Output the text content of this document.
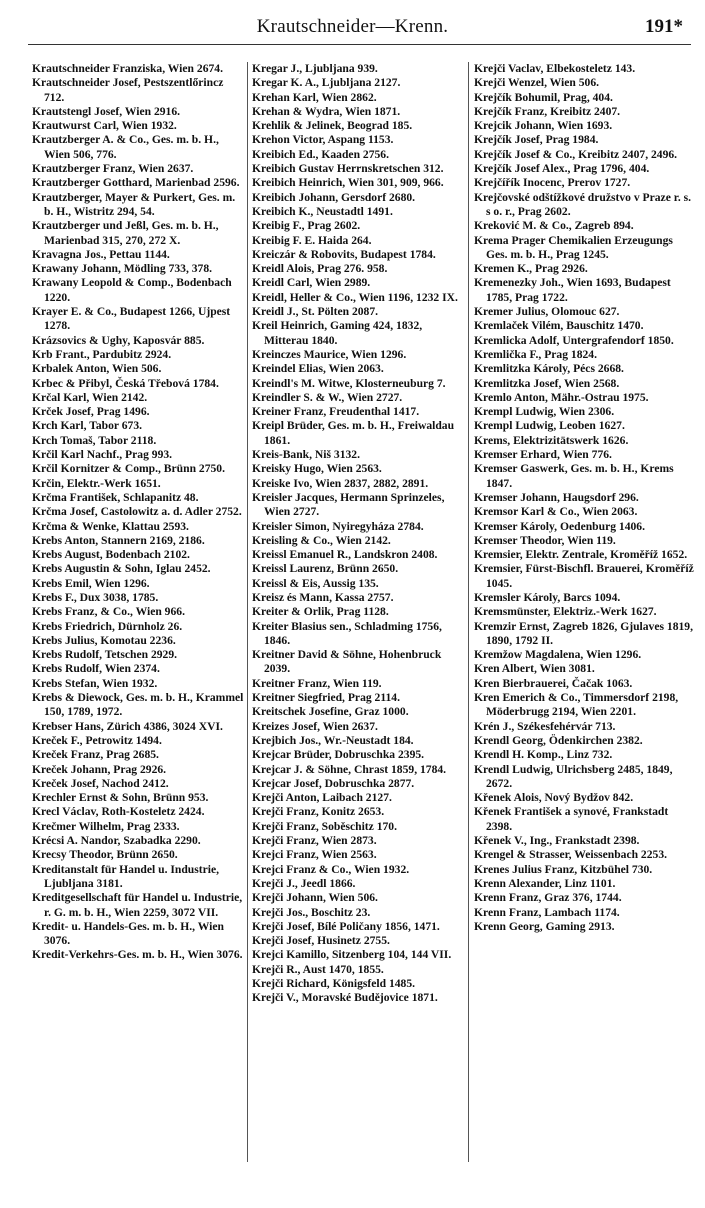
Krautschneider—Krenn.	191*

Krautschneider Franziska, Wien 2674.

Krautschneider Josef, Pestszentlőrincz 712.

Krautstengl Josef, Wien 2916.

Krautwurst Carl, Wien 1932.

Krautzberger A. & Co., Ges. m. b. H., Wien 506, 776.

Krautzberger Franz, Wien 2637.

Krautzberger Gotthard, Marienbad 2596.

Krautzberger, Mayer & Purkert, Ges. m. b. H., Wistritz 294, 54.

Krautzberger und Jeßl, Ges. m. b. H., Marienbad 315, 270, 272 X.

Kravagna Jos., Pettau 1144.

Krawany Johann, Mödling 733, 378.

Krawany Leopold & Comp., Bodenbach 1220.

Krayer E. & Co., Budapest 1266, Ujpest 1278.

Krázsovics & Ughy, Kaposvár 885.

Krb Frant., Pardubitz 2924.

Krbalek Anton, Wien 506.

Krbec & Přibyl, Česká Třebová 1784.

Krčal Karl, Wien 2142.

Krček Josef, Prag 1496.

Krch Karl, Tabor 673.

Krch Tomaš, Tabor 2118.

Krčil Karl Nachf., Prag 993.

Krčil Kornitzer & Comp., Brünn 2750.

Krčin, Elektr.-Werk 1651.

Krčma František, Schlapanitz 48.

Krčma Josef, Castolowitz a. d. Adler 2752.

Krčma & Wenke, Klattau 2593.

Krebs Anton, Stannern 2169, 2186.

Krebs August, Bodenbach 2102.

Krebs Augustin & Sohn, Iglau 2452.

Krebs Emil, Wien 1296.

Krebs F., Dux 3038, 1785.

Krebs Franz, & Co., Wien 966.

Krebs Friedrich, Dürnholz 26.

Krebs Julius, Komotau 2236.

Krebs Rudolf, Tetschen 2929.

Krebs Rudolf, Wien 2374.

Krebs Stefan, Wien 1932.

Krebs & Diewock, Ges. m. b. H., Krammel 150, 1789, 1972.

Krebser Hans, Zürich 4386, 3024 XVI.

Kreček F., Petrowitz 1494.

Kreček Franz, Prag 2685.

Kreček Johann, Prag 2926.

Kreček Josef, Nachod 2412.

Krechler Ernst & Sohn, Brünn 953.

Krecl Václav, Roth-Kosteletz 2424.

Krečmer Wilhelm, Prag 2333.

Krécsi A. Nandor, Szabadka 2290.

Krecsy Theodor, Brünn 2650.

Kreditanstalt für Handel u. Industrie, Ljubljana 3181.

Kreditgesellschaft für Handel u. Industrie, r. G. m. b. H., Wien 2259, 3072 VII.

Kredit- u. Handels-Ges. m. b. H., Wien 3076.

Kredit-Verkehrs-Ges. m. b. H., Wien 3076.

Kregar J., Ljubljana 939.

Kregar K. A., Ljubljana 2127.

Krehan Karl, Wien 2862.

Krehan & Wydra, Wien 1871.

Krehlik & Jelinek, Beograd 185.

Krehon Victor, Aspang 1153.

Kreibich Ed., Kaaden 2756.

Kreibich Gustav Herrnskretschen 312.

Kreibich Heinrich, Wien 301, 909, 966.

Kreibich Johann, Gersdorf 2680.

Kreibich K., Neustadtl 1491.

Kreibig F., Prag 2602.

Kreibig F. E. Haida 264.

Kreiczár & Robovits, Budapest 1784.

Kreidl Alois, Prag 276. 958.

Kreidl Carl, Wien 2989.

Kreidl, Heller & Co., Wien 1196, 1232 IX.

Kreidl J., St. Pölten 2087.

Kreil Heinrich, Gaming 424, 1832, Mitterau 1840.

Kreinczes Maurice, Wien 1296.

Kreindel Elias, Wien 2063.

Kreindl's M. Witwe, Klosterneuburg 7.

Kreindler S. & W., Wien 2727.

Kreiner Franz, Freudenthal 1417.

Kreipl Brüder, Ges. m. b. H., Freiwaldau 1861.

Kreis-Bank, Niš 3132.

Kreisky Hugo, Wien 2563.

Kreiske Ivo, Wien 2837, 2882, 2891.

Kreisler Jacques, Hermann Sprinzeles, Wien 2727.

Kreisler Simon, Nyiregyháza 2784.

Kreisling & Co., Wien 2142.

Kreissl Emanuel R., Landskron 2408.

Kreissl Laurenz, Brünn 2650.

Kreissl & Eis, Aussig 135.

Kreisz és Mann, Kassa 2757.

Kreiter & Orlik, Prag 1128.

Kreiter Blasius sen., Schladming 1756, 1846.

Kreitner David & Söhne, Hohenbruck 2039.

Kreitner Franz, Wien 119.

Kreitner Siegfried, Prag 2114.

Kreitschek Josefine, Graz 1000.

Kreizes Josef, Wien 2637.

Krejbich Jos., Wr.-Neustadt 184.

Krejcar Brüder, Dobruschka 2395.

Krejcar J. & Söhne, Chrast 1859, 1784.

Krejcar Josef, Dobruschka 2877.

Krejči Anton, Laibach 2127.

Krejči Franz, Konitz 2653.

Krejči Franz, Soběschitz 170.

Krejči Franz, Wien 2873.

Krejci Franz, Wien 2563.

Krejci Franz & Co., Wien 1932.

Krejči J., Jeedl 1866.

Krejči Johann, Wien 506.

Krejči Jos., Boschitz 23.

Krejči Josef, Bílé Poličany 1856, 1471.

Krejči Josef, Husinetz 2755.

Krejci Kamillo, Sitzenberg 104, 144 VII.

Krejči R., Aust 1470, 1855.

Krejči Richard, Königsfeld 1485.

Krejči V., Moravské Budějovice 1871.

Krejči Vaclav, Elbekosteletz 143.

Krejči Wenzel, Wien 506.

Krejčík Bohumil, Prag, 404.

Krejčík Franz, Kreibitz 2407.

Krejcik Johann, Wien 1693.

Krejčík Josef, Prag 1984.

Krejčík Josef & Co., Kreibitz 2407, 2496.

Krejčík Josef Alex., Prag 1796, 404.

Krejčířík Inocenc, Prerov 1727.

Krejčovské odštížkové družstvo v Praze r. s. s o. r., Prag 2602.

Kreković M. & Co., Zagreb 894.

Krema Prager Chemikalien Erzeugungs Ges. m. b. H., Prag 1245.

Kremen K., Prag 2926.

Kremenezky Joh., Wien 1693, Budapest 1785, Prag 1722.

Kremer Julius, Olomouc 627.

Kremlaček Vilém, Bauschitz 1470.

Kremlicka Adolf, Untergrafendorf 1850.

Kremlička F., Prag 1824.

Kremlitzka Károly, Pécs 2668.

Kremlitzka Josef, Wien 2568.

Kremlo Anton, Mähr.-Ostrau 1975.

Krempl Ludwig, Wien 2306.

Krempl Ludwig, Leoben 1627.

Krems, Elektrizitätswerk 1626.

Kremser Erhard, Wien 776.

Kremser Gaswerk, Ges. m. b. H., Krems 1847.

Kremser Johann, Haugsdorf 296.

Kremsor Karl & Co., Wien 2063.

Kremser Károly, Oedenburg 1406.

Kremser Theodor, Wien 119.

Kremsier, Elektr. Zentrale, Kroměříž 1652.

Kremsier, Fürst-Bischfl. Brauerei, Kroměříž 1045.

Kremsler Károly, Barcs 1094.

Kremsmünster, Elektriz.-Werk 1627.

Kremzir Ernst, Zagreb 1826, Gjulaves 1819, 1890, 1792 II.

Kremžow Magdalena, Wien 1296.

Kren Albert, Wien 3081.

Kren Bierbrauerei, Čačak 1063.

Kren Emerich & Co., Timmersdorf 2198, Möderbrugg 2194, Wien 2201.

Krén J., Székesfehérvár 713.

Krendl Georg, Ödenkirchen 2382.

Krendl H. Komp., Linz 732.

Krendl Ludwig, Ulrichsberg 2485, 1849, 2672.

Křenek Alois, Nový Bydžov 842.

Křenek František a synové, Frankstadt 2398.

Křenek V., Ing., Frankstadt 2398.

Krengel & Strasser, Weissenbach 2253.

Krenes Julius Franz, Kitzbühel 730.

Krenn Alexander, Linz 1101.

Krenn Franz, Graz 376, 1744.

Krenn Franz, Lambach 1174.

Krenn Georg, Gaming 2913.
